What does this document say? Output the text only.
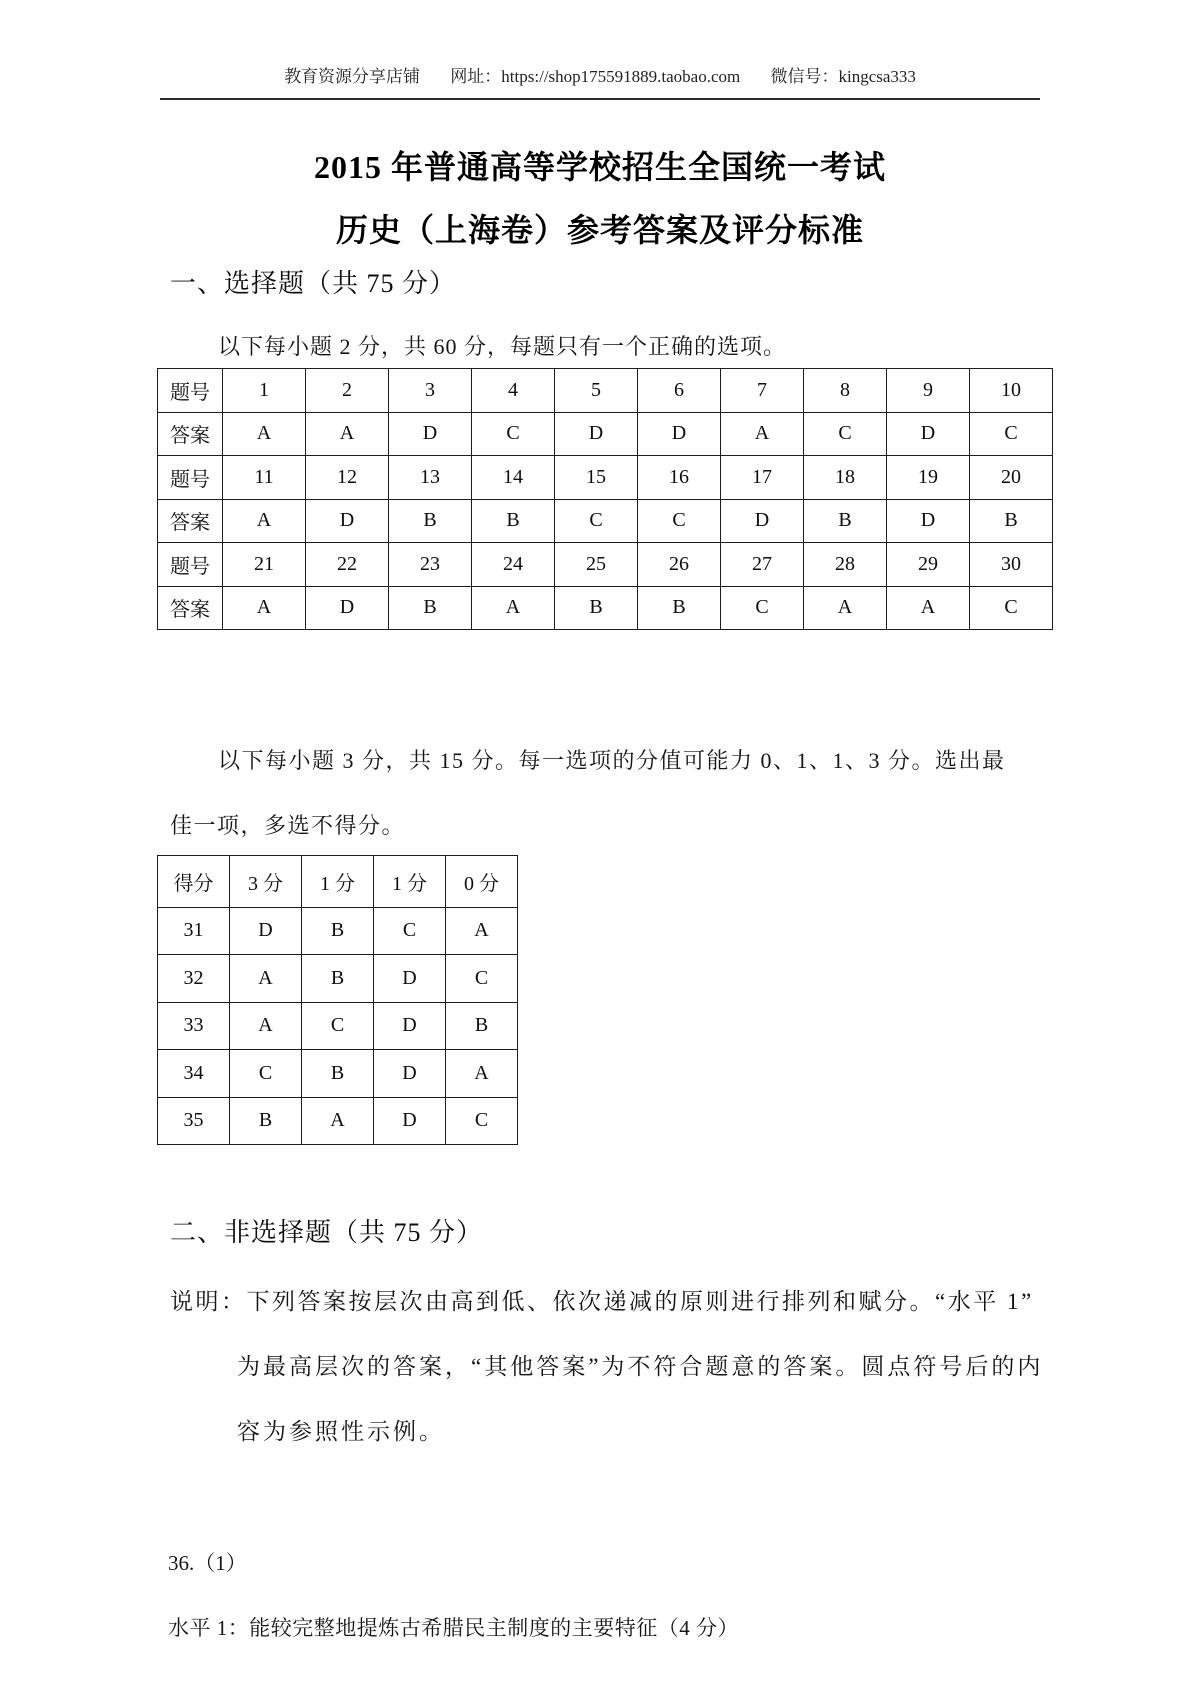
教育资源分享店铺 网址：https://shop175591889.taobao.com 微信号：kingcsa333
2015 年普通高等学校招生全国统一考试
历史（上海卷）参考答案及评分标准
一、选择题（共 75 分）
以下每小题 2 分，共 60 分，每题只有一个正确的选项。
题号	1	2	3	4	5	6	7	8	9	10
答案	A	A	D	C	D	D	A	C	D	C
题号	11	12	13	14	15	16	17	18	19	20
答案	A	D	B	B	C	C	D	B	D	B
题号	21	22	23	24	25	26	27	28	29	30
答案	A	D	B	A	B	B	C	A	A	C
以下每小题 3 分，共 15 分。每一选项的分值可能力 0、1、1、3 分。选出最
佳一项，多选不得分。
得分	3 分	1 分	1 分	0 分
31	D	B	C	A
32	A	B	D	C
33	A	C	D	B
34	C	B	D	A
35	B	A	D	C
二、非选择题（共 75 分）
说明：下列答案按层次由高到低、依次递减的原则进行排列和赋分。“水平 1”
为最高层次的答案，“其他答案”为不符合题意的答案。圆点符号后的内
容为参照性示例。
36.（1）
水平 1：能较完整地提炼古希腊民主制度的主要特征（4 分）
